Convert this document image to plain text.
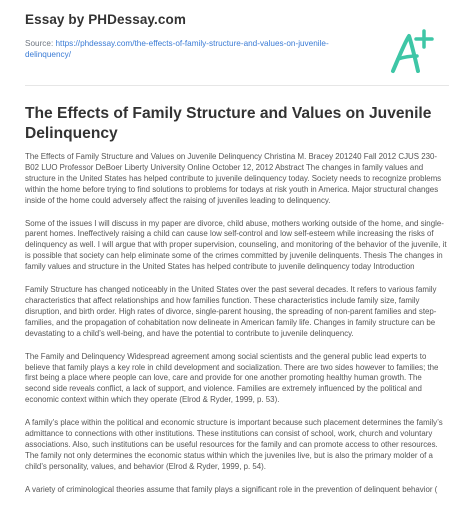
Essay by PHDessay.com
Source: https://phdessay.com/the-effects-of-family-structure-and-values-on-juvenile-delinquency/
The Effects of Family Structure and Values on Juvenile Delinquency

The Effects of Family Structure and Values on Juvenile Delinquency Christina M. Bracey 201240 Fall 2012 CJUS 230-B02 LUO Professor DeBoer Liberty University Online October 12, 2012 Abstract The changes in family values and structure in the United States has helped contribute to juvenile delinquency today. Society needs to recognize problems within the home before trying to find solutions to problems for todays at risk youth in America. Major structural changes inside of the home could adversely affect the raising of juveniles leading to delinquency.

Some of the issues I will discuss in my paper are divorce, child abuse, mothers working outside of the home, and single-parent homes. Ineffectively raising a child can cause low self-control and low self-esteem while increasing the risks of delinquency as well. I will argue that with proper supervision, counseling, and monitoring of the behavior of the juvenile, it is possible that society can help eliminate some of the crimes committed by juvenile delinquents. Thesis The changes in family values and structure in the United States has helped contribute to juvenile delinquency today Introduction

Family Structure has changed noticeably in the United States over the past several decades. It refers to various family characteristics that affect relationships and how families function. These characteristics include family size, family disruption, and birth order. High rates of divorce, single-parent housing, the spreading of non-parent families and step-families, and the propagation of cohabitation now delineate in American family life. Changes in family structure can be devastating to a child’s well-being, and have the potential to contribute to juvenile delinquency.

The Family and Delinquency Widespread agreement among social scientists and the general public lead experts to believe that family plays a key role in child development and socialization. There are two sides however to families; the first being a place where people can love, care and provide for one another promoting healthy human growth. The second side reveals conflict, a lack of support, and violence. Families are extremely influenced by the political and economic context within which they operate (Elrod & Ryder, 1999, p. 53).

A family’s place within the political and economic structure is important because such placement determines the family’s admittance to connections with other institutions. These institutions can consist of school, work, church and voluntary associations. Also, such institutions can be useful resources for the family and can promote access to other resources. The family not only determines the economic status within which the juveniles live, but is also the primary molder of a child’s personality, values, and behavior (Elrod & Ryder, 1999, p. 54).

A variety of criminological theories assume that family plays a significant role in the prevention of delinquent behavior (
